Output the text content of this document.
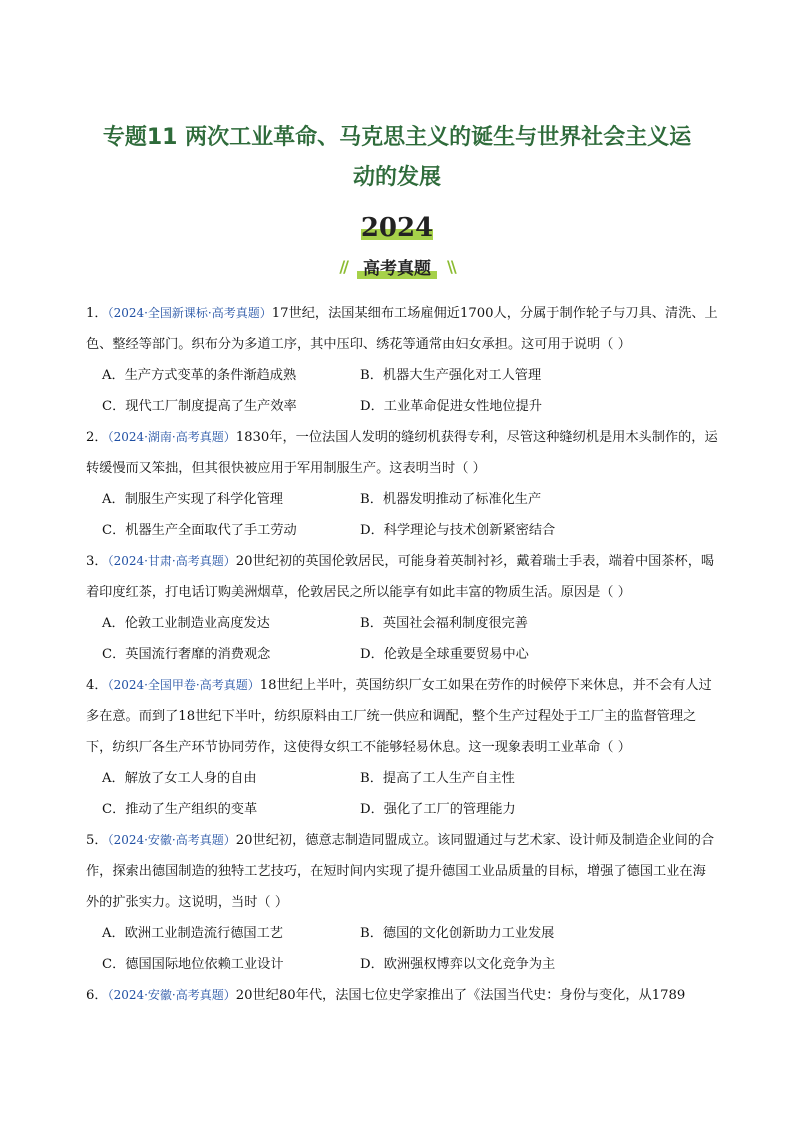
专题11 两次工业革命、马克思主义的诞生与世界社会主义运
动的发展
2024
// 高考真题	\\

1．（2024·全国新课标·高考真题）17世纪，法国某细布工场雇佣近1700人，分属于制作轮子与刀具、清洗、上色、整经等部门。织布分为多道工序，其中压印、绣花等通常由妇女承担。这可用于说明（ ）

A．生产方式变革的条件渐趋成熟	B．机器大生产强化对工人管理
C．现代工厂制度提高了生产效率	D．工业革命促进女性地位提升

2．（2024·湖南·高考真题）1830年，一位法国人发明的缝纫机获得专利，尽管这种缝纫机是用木头制作的，运转缓慢而又笨拙，但其很快被应用于军用制服生产。这表明当时（ ）

A．制服生产实现了科学化管理	B．机器发明推动了标准化生产
C．机器生产全面取代了手工劳动	D．科学理论与技术创新紧密结合

3．（2024·甘肃·高考真题）20世纪初的英国伦敦居民，可能身着英制衬衫，戴着瑞士手表，端着中国茶杯，喝着印度红茶，打电话订购美洲烟草，伦敦居民之所以能享有如此丰富的物质生活。原因是（ ）

A．伦敦工业制造业高度发达	B．英国社会福利制度很完善
C．英国流行奢靡的消费观念	D．伦敦是全球重要贸易中心

4．（2024·全国甲卷·高考真题）18世纪上半叶，英国纺织厂女工如果在劳作的时候停下来休息，并不会有人过多在意。而到了18世纪下半叶，纺织原料由工厂统一供应和调配，整个生产过程处于工厂主的监督管理之下，纺织厂各生产环节协同劳作，这使得女织工不能够轻易休息。这一现象表明工业革命（ ）

A．解放了女工人身的自由	B．提高了工人生产自主性
C．推动了生产组织的变革	D．强化了工厂的管理能力

5．（2024·安徽·高考真题）20世纪初，德意志制造同盟成立。该同盟通过与艺术家、设计师及制造企业间的合作，探索出德国制造的独特工艺技巧，在短时间内实现了提升德国工业品质量的目标，增强了德国工业在海外的扩张实力。这说明，当时（ ）

A．欧洲工业制造流行德国工艺	B．德国的文化创新助力工业发展
C．德国国际地位依赖工业设计	D．欧洲强权博弈以文化竞争为主

6．（2024·安徽·高考真题）20世纪80年代，法国七位史学家推出了《法国当代史：身份与变化，从1789
